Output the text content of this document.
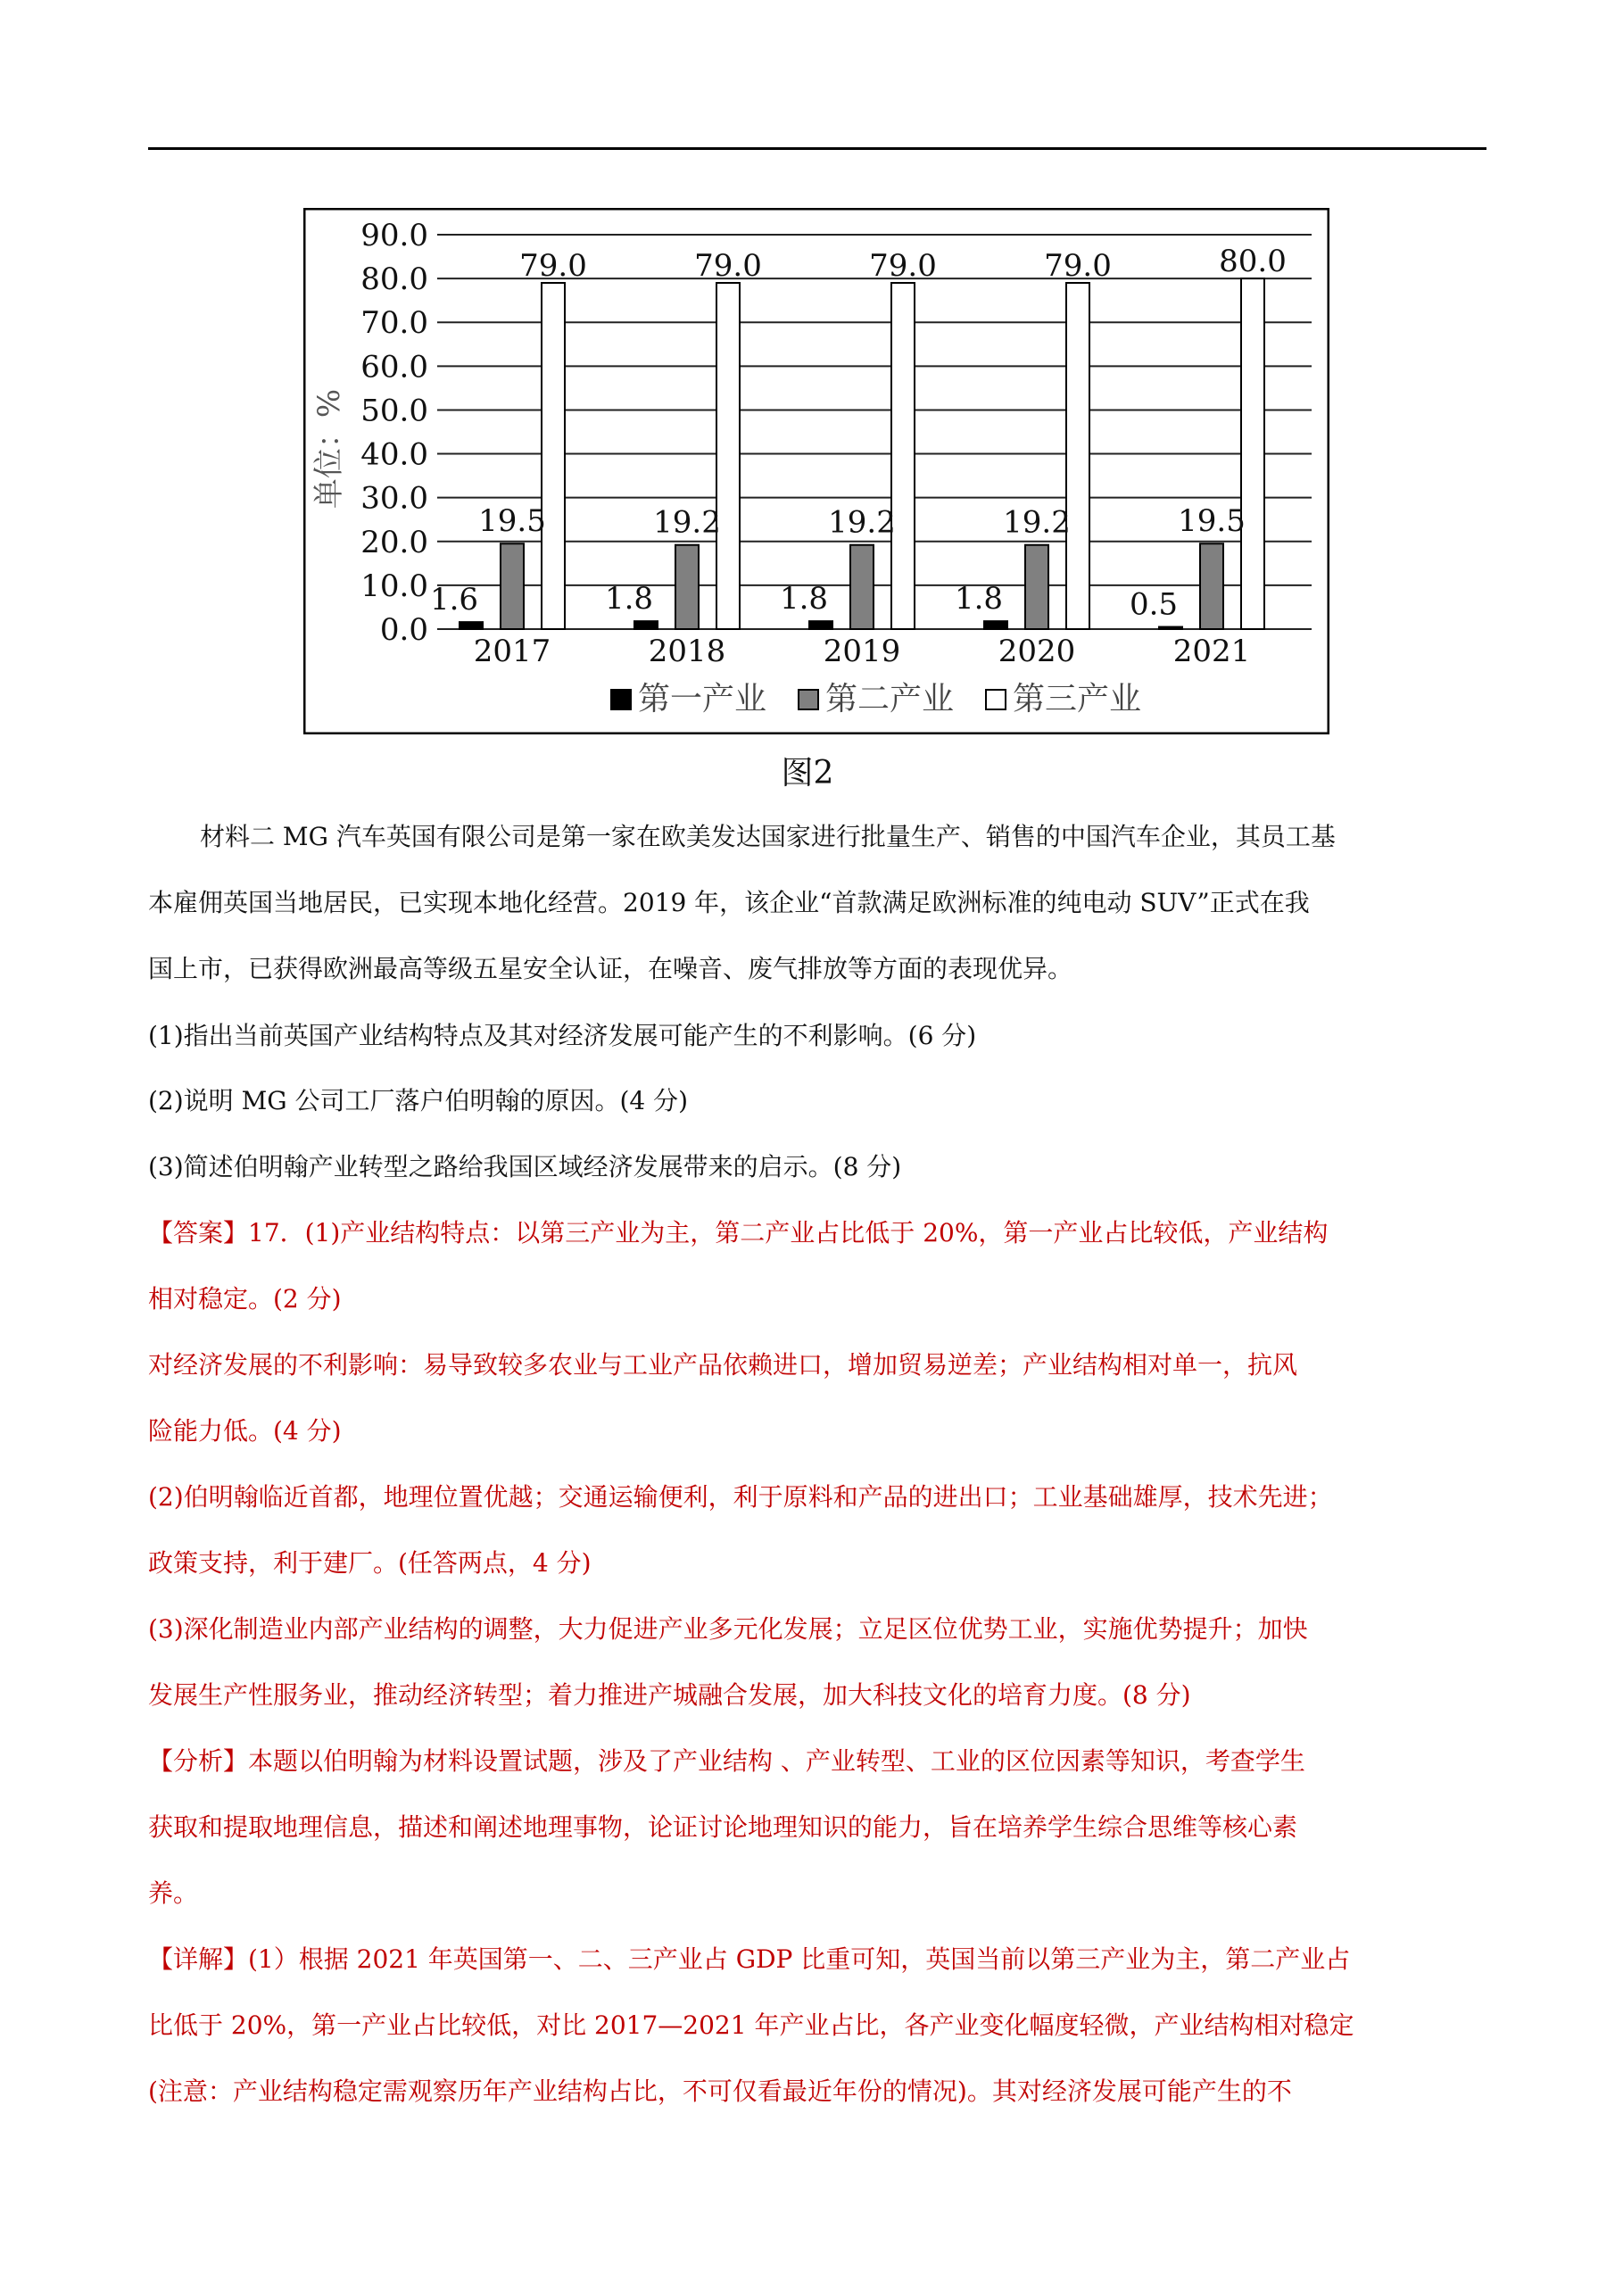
0.0
10.0
20.0
30.0
40.0
50.0
60.0
70.0
80.0
90.0
1.6
19.5
79.0
2017
1.8
19.2
79.0
2018
1.8
19.2
79.0
2019
1.8
19.2
79.0
2020
0.5
19.5
80.0
2021
单位：%
第一产业 第二产业 第三产业
图2
材料二 MG 汽车英国有限公司是第一家在欧美发达国家进行批量生产、销售的中国汽车企业，其员工基
本雇佣英国当地居民，已实现本地化经营。2019 年，该企业“首款满足欧洲标准的纯电动 SUV”正式在我
国上市，已获得欧洲最高等级五星安全认证，在噪音、废气排放等方面的表现优异。
(1)指出当前英国产业结构特点及其对经济发展可能产生的不利影响。(6 分)
(2)说明 MG 公司工厂落户伯明翰的原因。(4 分)
(3)简述伯明翰产业转型之路给我国区域经济发展带来的启示。(8 分)
【答案】17．(1)产业结构特点：以第三产业为主，第二产业占比低于 20%，第一产业占比较低，产业结构
相对稳定。(2 分)
对经济发展的不利影响：易导致较多农业与工业产品依赖进口，增加贸易逆差；产业结构相对单一，抗风
险能力低。(4 分)
(2)伯明翰临近首都，地理位置优越；交通运输便利，利于原料和产品的进出口；工业基础雄厚，技术先进；
政策支持，利于建厂。(任答两点，4 分)
(3)深化制造业内部产业结构的调整，大力促进产业多元化发展；立足区位优势工业，实施优势提升；加快
发展生产性服务业，推动经济转型；着力推进产城融合发展，加大科技文化的培育力度。(8 分)
【分析】本题以伯明翰为材料设置试题，涉及了产业结构 、产业转型、工业的区位因素等知识，考查学生
获取和提取地理信息，描述和阐述地理事物，论证讨论地理知识的能力，旨在培养学生综合思维等核心素
养。
【详解】(1）根据 2021 年英国第一、二、三产业占 GDP 比重可知，英国当前以第三产业为主，第二产业占
比低于 20%，第一产业占比较低，对比 2017—2021 年产业占比，各产业变化幅度轻微，产业结构相对稳定
(注意：产业结构稳定需观察历年产业结构占比，不可仅看最近年份的情况)。其对经济发展可能产生的不
